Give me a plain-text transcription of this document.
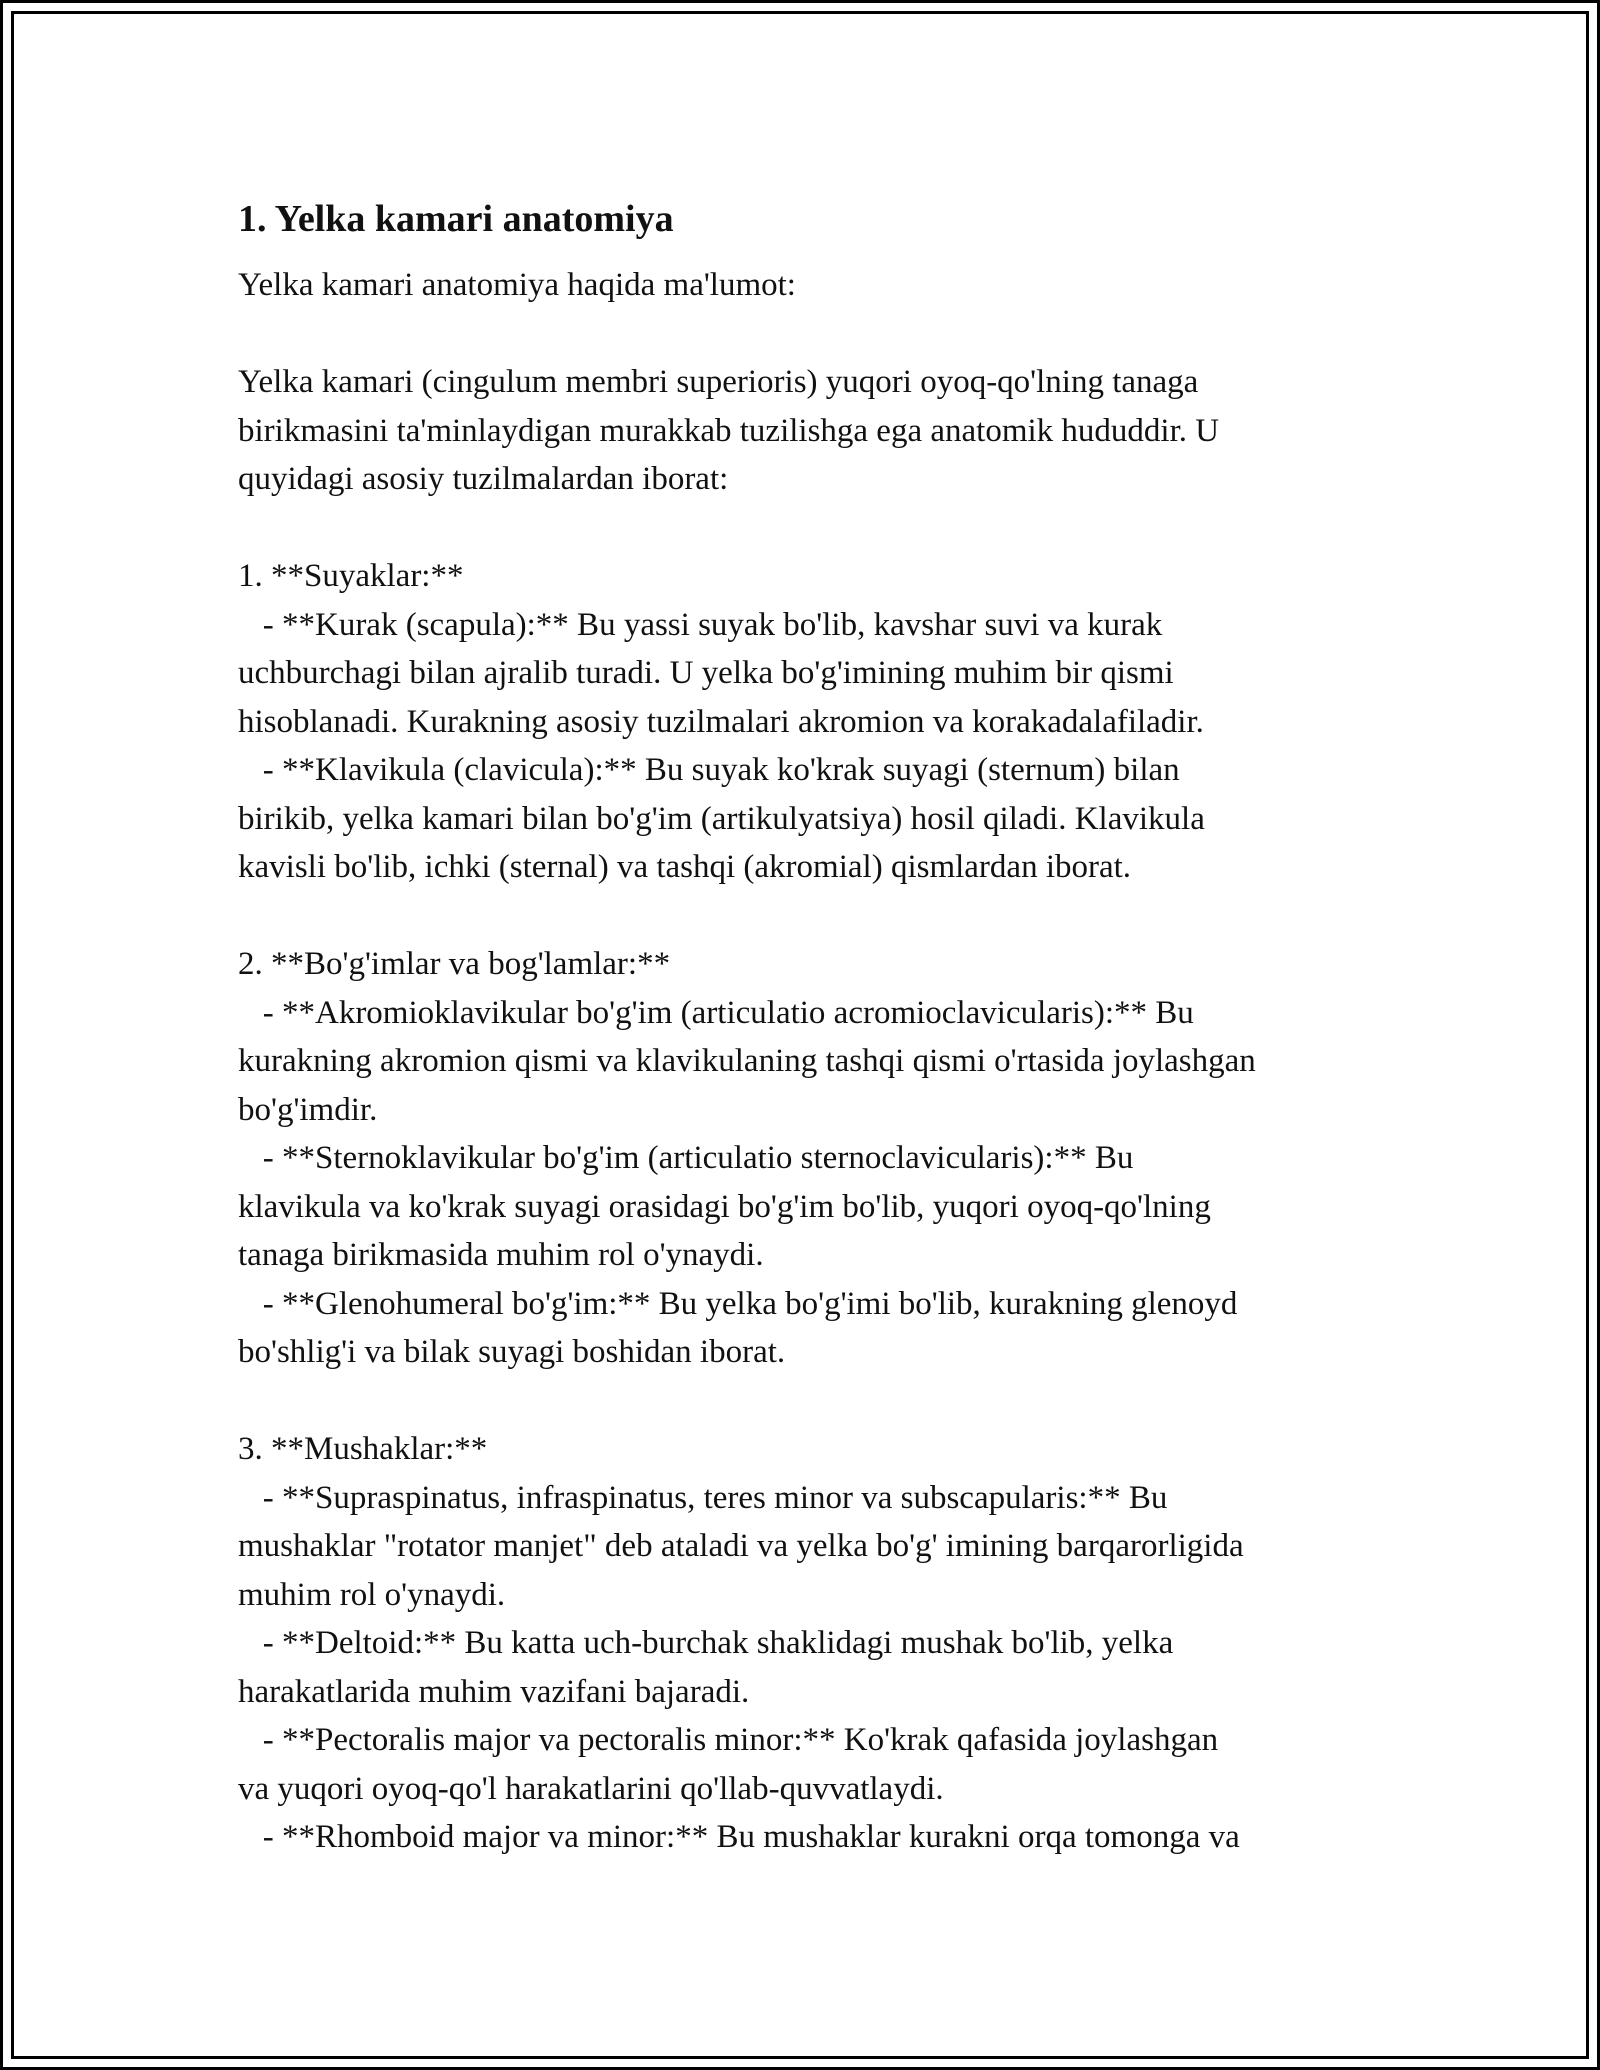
1. Yelka kamari anatomiya

Yelka kamari anatomiya haqida ma'lumot:

Yelka kamari (cingulum membri superioris) yuqori oyoq-qo'lning tanaga
birikmasini ta'minlaydigan murakkab tuzilishga ega anatomik hududdir. U
quyidagi asosiy tuzilmalardan iborat:

1. **Suyaklar:**
- **Kurak (scapula):** Bu yassi suyak bo'lib, kavshar suvi va kurak
uchburchagi bilan ajralib turadi. U yelka bo'g'imining muhim bir qismi
hisoblanadi. Kurakning asosiy tuzilmalari akromion va korakadalafiladir.
- **Klavikula (clavicula):** Bu suyak ko'krak suyagi (sternum) bilan
birikib, yelka kamari bilan bo'g'im (artikulyatsiya) hosil qiladi. Klavikula
kavisli bo'lib, ichki (sternal) va tashqi (akromial) qismlardan iborat.

2. **Bo'g'imlar va bog'lamlar:**
- **Akromioklavikular bo'g'im (articulatio acromioclavicularis):** Bu
kurakning akromion qismi va klavikulaning tashqi qismi o'rtasida joylashgan
bo'g'imdir.
- **Sternoklavikular bo'g'im (articulatio sternoclavicularis):** Bu
klavikula va ko'krak suyagi orasidagi bo'g'im bo'lib, yuqori oyoq-qo'lning
tanaga birikmasida muhim rol o'ynaydi.
- **Glenohumeral bo'g'im:** Bu yelka bo'g'imi bo'lib, kurakning glenoyd
bo'shlig'i va bilak suyagi boshidan iborat.

3. **Mushaklar:**
- **Supraspinatus, infraspinatus, teres minor va subscapularis:** Bu
mushaklar "rotator manjet" deb ataladi va yelka bo'g' imining barqarorligida
muhim rol o'ynaydi.
- **Deltoid:** Bu katta uch-burchak shaklidagi mushak bo'lib, yelka
harakatlarida muhim vazifani bajaradi.
- **Pectoralis major va pectoralis minor:** Ko'krak qafasida joylashgan
va yuqori oyoq-qo'l harakatlarini qo'llab-quvvatlaydi.
- **Rhomboid major va minor:** Bu mushaklar kurakni orqa tomonga va
